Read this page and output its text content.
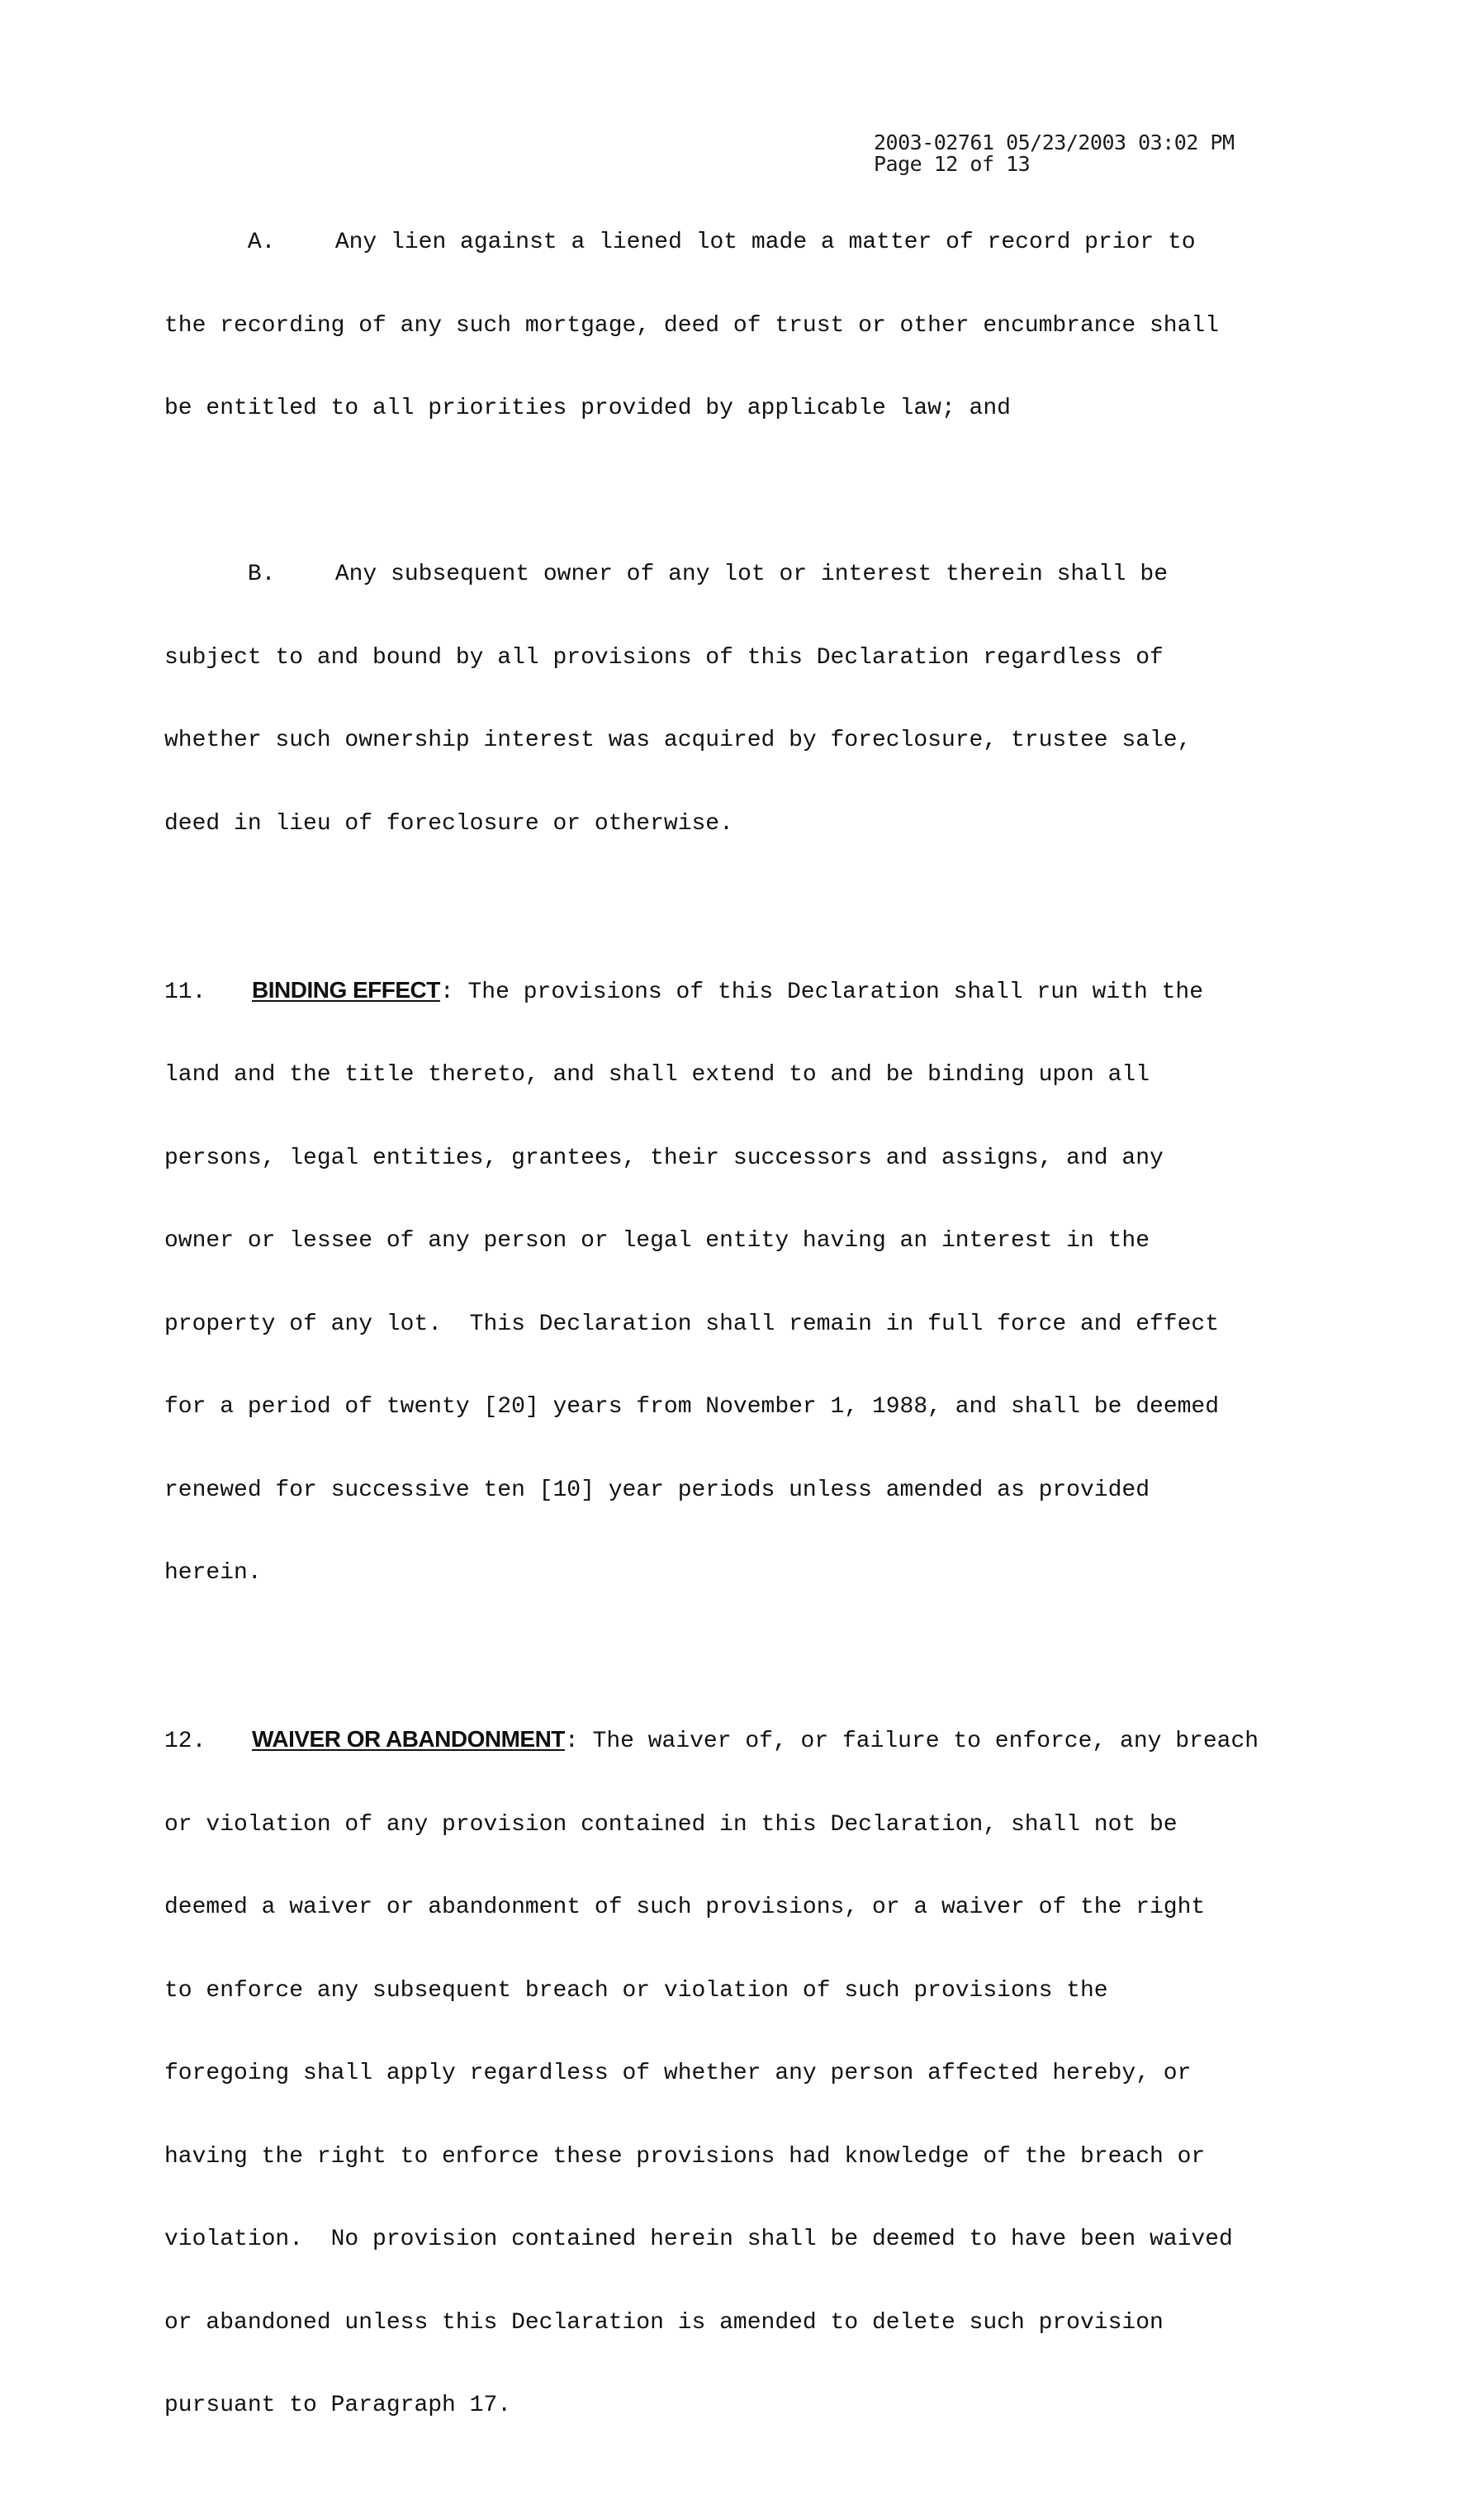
2003-02761 05/23/2003 03:02 PM
Page 12 of 13

A.	Any lien against a liened lot made a matter of record prior to

the recording of any such mortgage, deed of trust or other encumbrance shall

be entitled to all priorities provided by applicable law; and

B.	Any subsequent owner of any lot or interest therein shall be

subject to and bound by all provisions of this Declaration regardless of

whether such ownership interest was acquired by foreclosure, trustee sale,

deed in lieu of foreclosure or otherwise.

11. BINDING EFFECT: The provisions of this Declaration shall run with the

land and the title thereto, and shall extend to and be binding upon all

persons, legal entities, grantees, their successors and assigns, and any

owner or lessee of any person or legal entity having an interest in the

property of any lot.  This Declaration shall remain in full force and effect

for a period of twenty [20] years from November 1, 1988, and shall be deemed

renewed for successive ten [10] year periods unless amended as provided

herein.

12. WAIVER OR ABANDONMENT: The waiver of, or failure to enforce, any breach

or violation of any provision contained in this Declaration, shall not be

deemed a waiver or abandonment of such provisions, or a waiver of the right

to enforce any subsequent breach or violation of such provisions the

foregoing shall apply regardless of whether any person affected hereby, or

having the right to enforce these provisions had knowledge of the breach or

violation.  No provision contained herein shall be deemed to have been waived

or abandoned unless this Declaration is amended to delete such provision

pursuant to Paragraph 17.
